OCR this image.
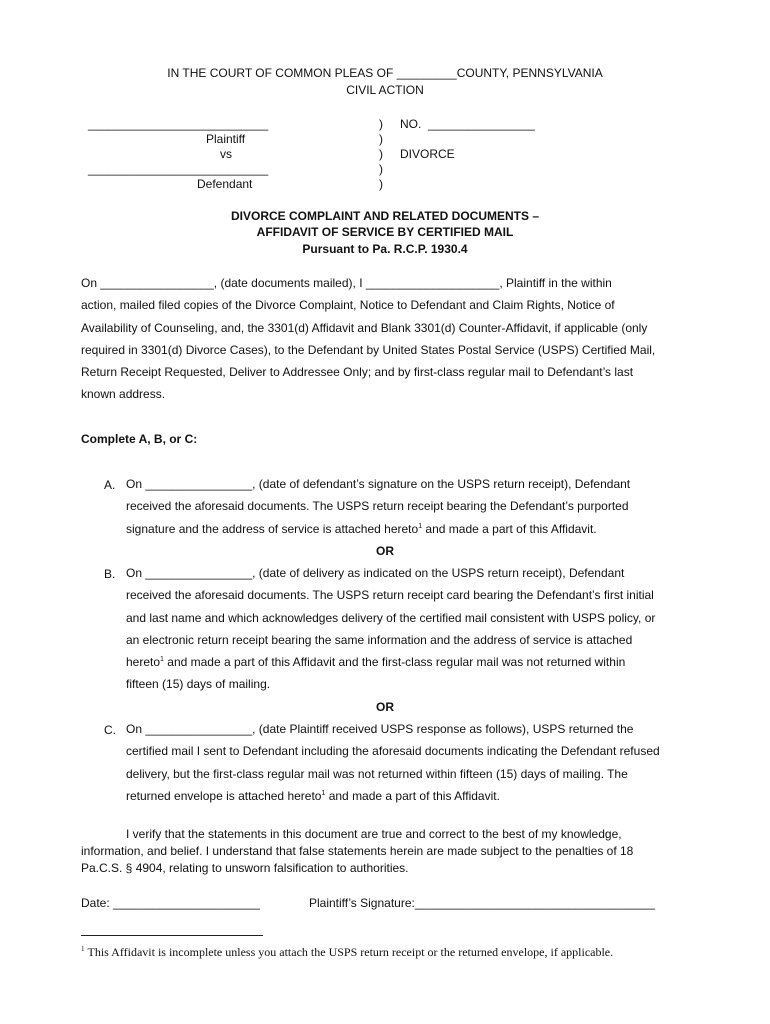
IN THE COURT OF COMMON PLEAS OF _________COUNTY, PENNSYLVANIA
CIVIL ACTION
___________________________
Plaintiff
vs
___________________________
Defendant
)
)
)
)
)
NO. ________________
DIVORCE
DIVORCE COMPLAINT AND RELATED DOCUMENTS –
AFFIDAVIT OF SERVICE BY CERTIFIED MAIL
Pursuant to Pa. R.C.P. 1930.4
On _________________, (date documents mailed), I ____________________, Plaintiff in the within
action, mailed filed copies of the Divorce Complaint, Notice to Defendant and Claim Rights, Notice of
Availability of Counseling, and, the 3301(d) Affidavit and Blank 3301(d) Counter-Affidavit, if applicable (only
required in 3301(d) Divorce Cases), to the Defendant by United States Postal Service (USPS) Certified Mail,
Return Receipt Requested, Deliver to Addressee Only; and by first-class regular mail to Defendant’s last
known address.
Complete A, B, or C:
A. On ________________, (date of defendant’s signature on the USPS return receipt), Defendant
received the aforesaid documents. The USPS return receipt bearing the Defendant’s purported
signature and the address of service is attached hereto$^1$ and made a part of this Affidavit.
OR
B. On ________________, (date of delivery as indicated on the USPS return receipt), Defendant
received the aforesaid documents. The USPS return receipt card bearing the Defendant’s first initial
and last name and which acknowledges delivery of the certified mail consistent with USPS policy, or
an electronic return receipt bearing the same information and the address of service is attached
hereto$^1$ and made a part of this Affidavit and the first-class regular mail was not returned within
fifteen (15) days of mailing.
OR
C. On ________________, (date Plaintiff received USPS response as follows), USPS returned the
certified mail I sent to Defendant including the aforesaid documents indicating the Defendant refused
delivery, but the first-class regular mail was not returned within fifteen (15) days of mailing. The
returned envelope is attached hereto$^1$ and made a part of this Affidavit.
I verify that the statements in this document are true and correct to the best of my knowledge,
information, and belief. I understand that false statements herein are made subject to the penalties of 18
Pa.C.S. § 4904, relating to unsworn falsification to authorities.
Date: ______________________	Plaintiff’s Signature:____________________________________
$^1$ This Affidavit is incomplete unless you attach the USPS return receipt or the returned envelope, if applicable.
